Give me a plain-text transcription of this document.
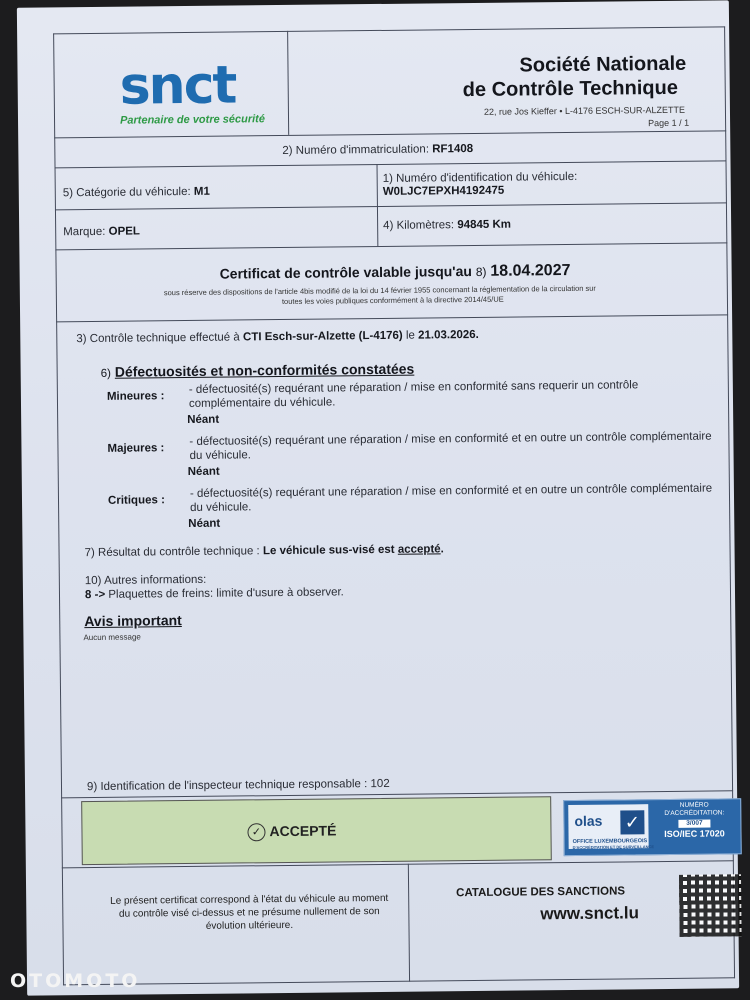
snct
Partenaire de votre sécurité
Société Nationale
de Contrôle Technique
22, rue Jos Kieffer • L-4176 ESCH-SUR-ALZETTE
Page 1 / 1
2) Numéro d'immatriculation: RF1408
5) Catégorie du véhicule: M1
1) Numéro d'identification du véhicule:
W0LJC7EPXH4192475
Marque: OPEL	4) Kilomètres: 94845 Km
Certificat de contrôle valable jusqu'au 8) 18.04.2027
sous réserve des dispositions de l'article 4bis modifié de la loi du 14 février 1955 concernant la réglementation de la circulation sur
toutes les voies publiques conformément à la directive 2014/45/UE
3) Contrôle technique effectué à CTI Esch-sur-Alzette (L-4176) le 21.03.2026.
6) Défectuosités et non-conformités constatées
Mineures :
- défectuosité(s) requérant une réparation / mise en conformité sans requerir un contrôle
complémentaire du véhicule.
Néant
Majeures :
- défectuosité(s) requérant une réparation / mise en conformité et en outre un contrôle complémentaire
du véhicule.
Néant
Critiques :
- défectuosité(s) requérant une réparation / mise en conformité et en outre un contrôle complémentaire
du véhicule.
Néant
7) Résultat du contrôle technique : Le véhicule sus-visé est accepté.
10) Autres informations:
8 -> Plaquettes de freins: limite d'usure à observer.
Avis important
Aucun message
9) Identification de l'inspecteur technique responsable : 102
✓ ACCEPTÉ
olas ✓
OFFICE LUXEMBOURGEOIS
D'ACCRÉDITATION ET DE SURVEILLANCE
NUMÉRO
D'ACCRÉDITATION:
3/007
ISO/IEC 17020
Le présent certificat correspond à l'état du véhicule au moment du contrôle visé ci-dessus et ne présume nullement de son évolution ultérieure.
CATALOGUE DES SANCTIONS
www.snct.lu
OTOMOTO
